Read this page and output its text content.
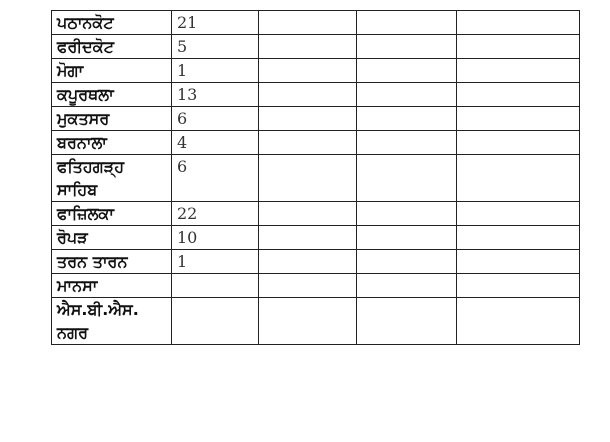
ਪਠਾਨਕੋਟ	21			

ਫਰੀਦਕੋਟ	5			

ਮੋਗਾ	1			

ਕਪੂਰਥਲਾ	13			

ਮੁਕਤਸਰ	6			

ਬਰਨਾਲਾ	4			

ਫਤਿਹਗੜ੍ਹ
ਸਾਹਿਬ	6			

ਫਾਜ਼ਿਲਕਾ	22			

ਰੋਪੜ	10			

ਤਰਨ ਤਾਰਨ	1			

ਮਾਨਸਾ				

ਐਸ.ਬੀ.ਐਸ.
ਨਗਰ				
